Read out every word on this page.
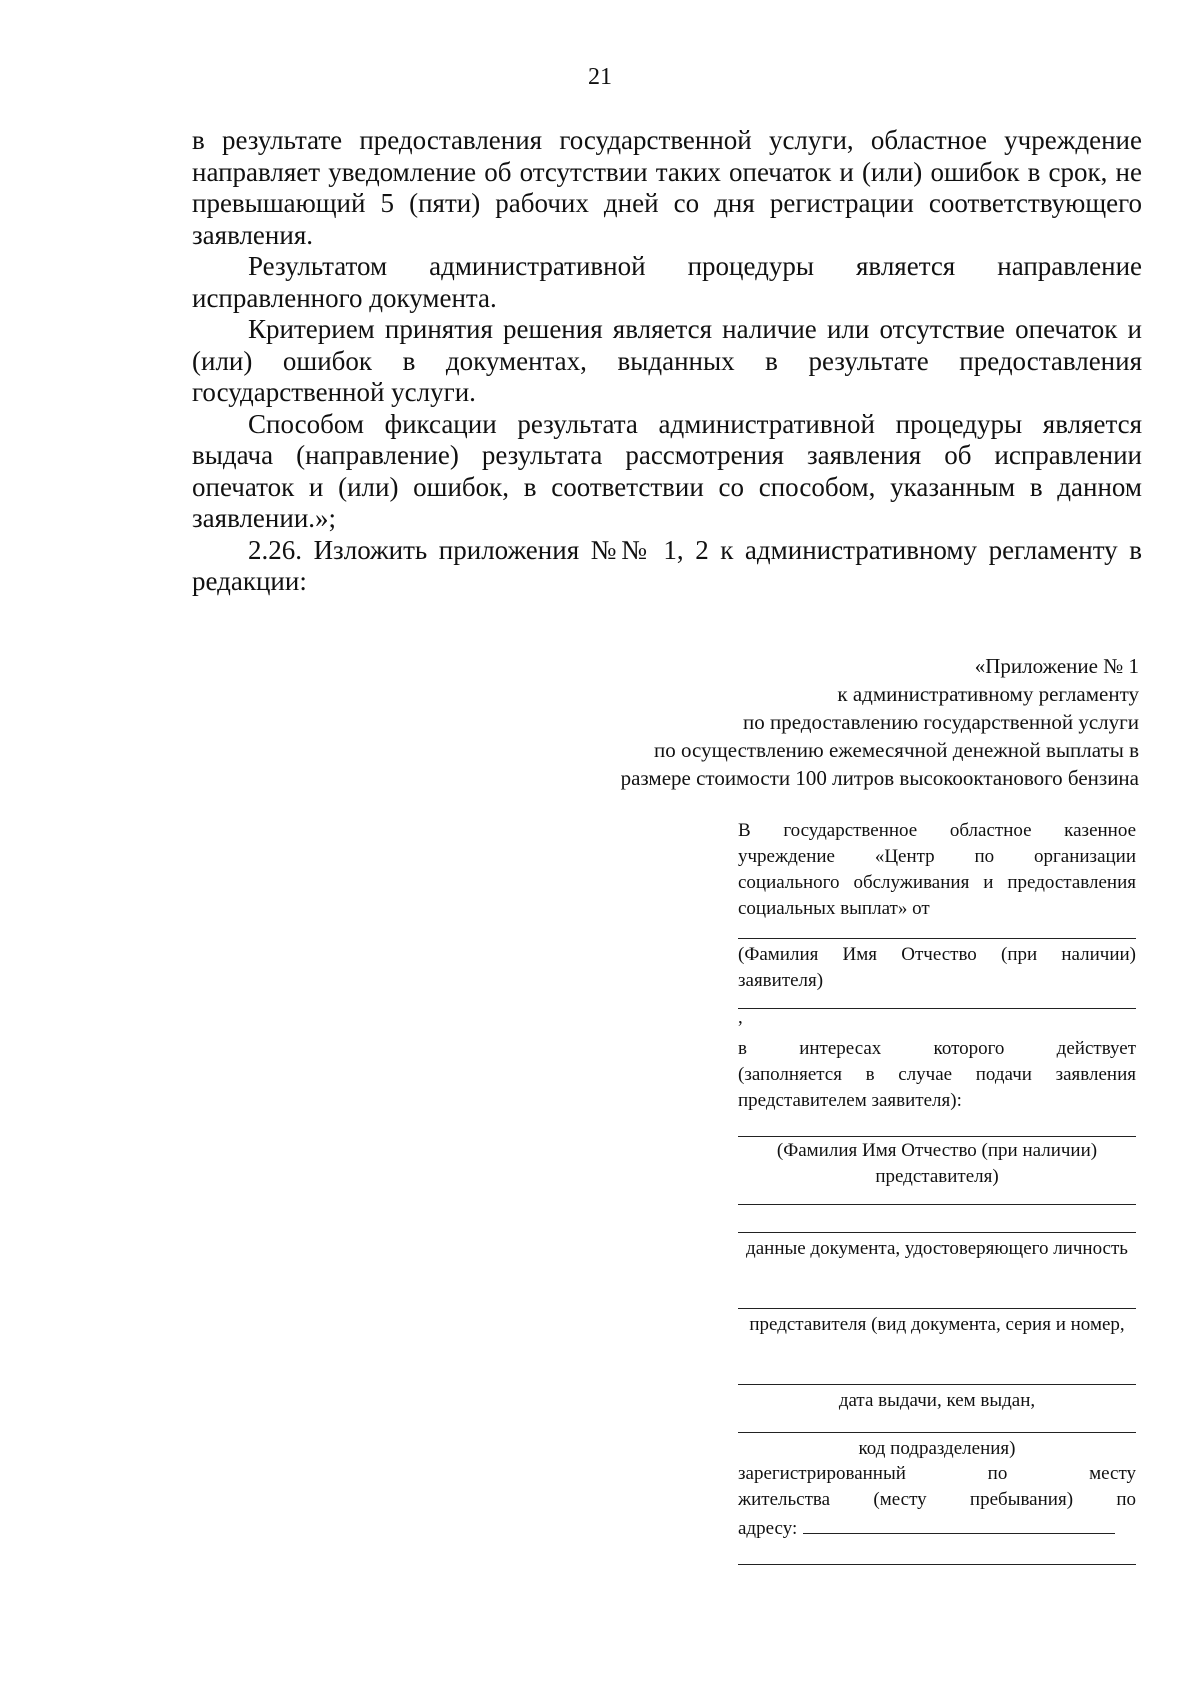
21

в результате предоставления государственной услуги, областное учреждение направляет уведомление об отсутствии таких опечаток и (или) ошибок в срок, не превышающий 5 (пяти) рабочих дней со дня регистрации соответствующего заявления.

Результатом административной процедуры является направление исправленного документа.

Критерием принятия решения является наличие или отсутствие опечаток и (или) ошибок в документах, выданных в результате предоставления государственной услуги.

Способом фиксации результата административной процедуры является выдача (направление) результата рассмотрения заявления об исправлении опечаток и (или) ошибок, в соответствии со способом, указанным в данном заявлении.»;

2.26. Изложить приложения №№ 1, 2 к административному регламенту в редакции:

«Приложение № 1
к административному регламенту
по предоставлению государственной услуги
по осуществлению ежемесячной денежной выплаты в
размере стоимости 100 литров высокооктанового бензина
В государственное областное казенное учреждение «Центр по организации социального обслуживания и предоставления социальных выплат» от
(Фамилия Имя Отчество (при наличии) заявителя)
,
в интересах которого действует
(заполняется в случае подачи заявления представителем заявителя):
(Фамилия Имя Отчество (при наличии) представителя)
данные документа, удостоверяющего личность
представителя (вид документа, серия и номер,
дата выдачи, кем выдан,
код подразделения)
зарегистрированный по месту
жительства (месту пребывания) по
адресу:
